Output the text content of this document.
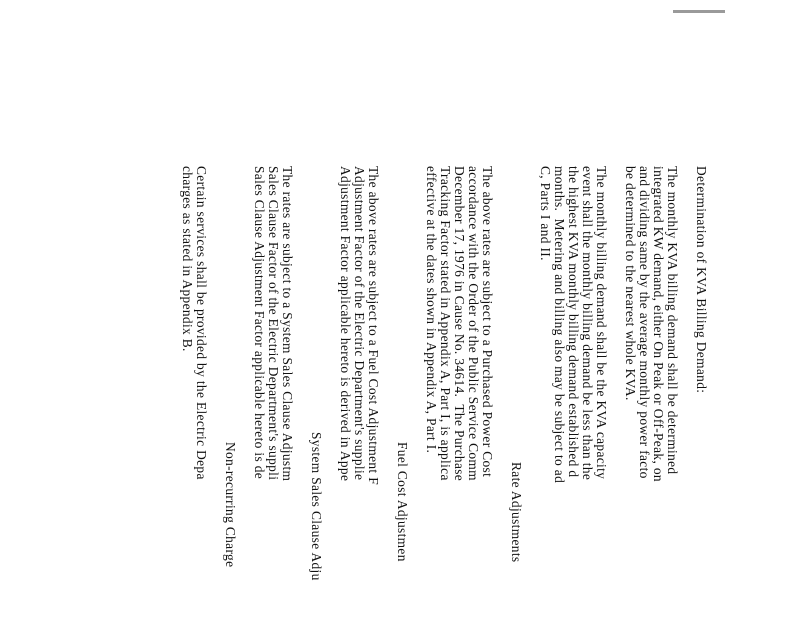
Determination of KVA Billing Demand:
The monthly KVA billing demand shall be determined
integrated KW demand, either On Peak or Off-Peak, on
and dividing same by the average monthly power facto
be determined to the nearest whole KVA.
The monthly billing demand shall be the KVA capacity
event shall the monthly billing demand be less than the
the highest KVA monthly billing demand established d
months.  Metering and billing also may be subject to ad
C, Parts I and II.
Rate Adjustments
The above rates are subject to a Purchased Power Cost
accordance with the Order of the Public Service Comm
December 17, 1976 in Cause No. 34614.  The Purchase
Tracking Factor stated in Appendix A, Part I, is applica
effective at the dates shown in Appendix A, Part I.
Fuel Cost Adjustmen
The above rates are subject to a Fuel Cost Adjustment F
Adjustment Factor of the Electric Department's supplie
Adjustment Factor applicable hereto is derived in Appe
System Sales Clause Adju
The rates are subject to a System Sales Clause Adjustm
Sales Clause Factor of the Electric Department's suppli
Sales Clause Adjustment Factor applicable hereto is de
Non-recurring Charge
Certain services shall be provided by the Electric Depa
charges as stated in Appendix B.
